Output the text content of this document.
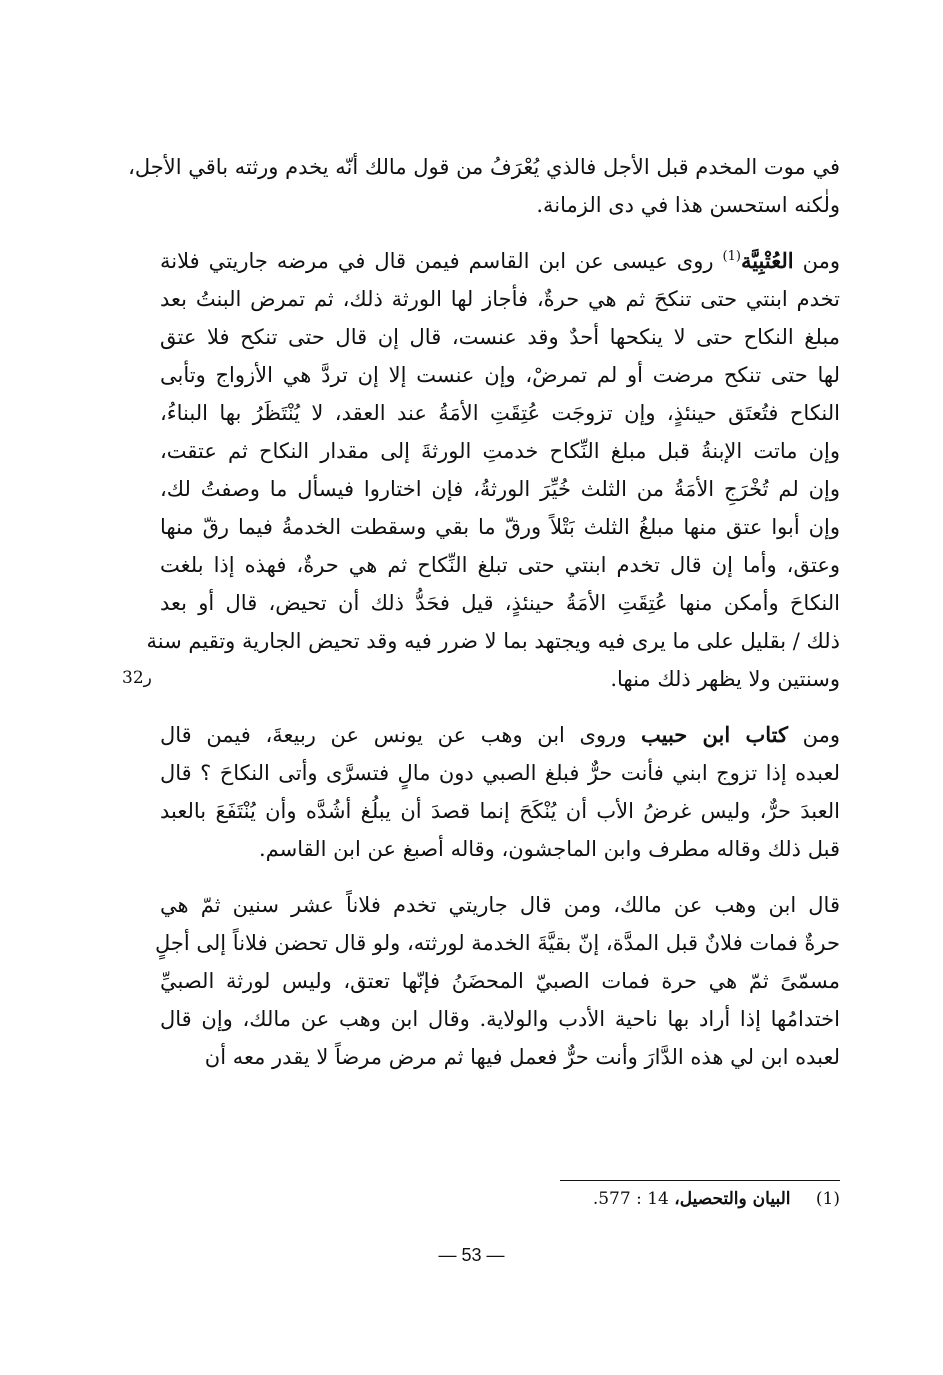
في موت المخدم قبل الأجل فالذي يُعْرَفُ من قول مالك أنّه يخدم ورثته باقي الأجل،

ولٰكنه استحسن هذا في دى الزمانة.

ومن العُتْبِيَّة$^{(1)}$ روى عيسى عن ابن القاسم فيمن قال في مرضه جاريتي فلانة

تخدم ابنتي حتى تنكحَ ثم هي حرةٌ، فأجاز لها الورثة ذلك، ثم تمرض البنتُ بعد

مبلغ النكاح حتى لا ينكحها أحدٌ وقد عنست، قال إن قال حتى تنكح فلا عتق

لها حتى تنكح مرضت أو لم تمرضْ، وإن عنست إلا إن تردَّ هي الأزواج وتأبى

النكاح فتُعتَق حينئذٍ، وإن تزوجَت عُتِقَتِ الأمَةُ عند العقد، لا يُنْتَظَرُ بها البناءُ،

وإن ماتت الإبنةُ قبل مبلغ النِّكاح خدمتِ الورثةَ إلى مقدار النكاح ثم عتقت،

وإن لم تُخْرَجِ الأمَةُ من الثلث خُيِّرَ الورثةُ، فإن اختاروا فيسأل ما وصفتُ لك،

وإن أبوا عتق منها مبلغُ الثلث بَتْلاً ورقّ ما بقي وسقطت الخدمةُ فيما رقّ منها

وعتق، وأما إن قال تخدم ابنتي حتى تبلغ النِّكاح ثم هي حرةٌ، فهذه إذا بلغت

النكاحَ وأمكن منها عُتِقَتِ الأمَةُ حينئذٍ، قيل فحَدُّ ذلك أن تحيض، قال أو بعد

ذلك / بقليل على ما يرى فيه ويجتهد بما لا ضرر فيه وقد تحيض الجارية وتقيم سنة

وسنتين ولا يظهر ذلك منها.

ومن كتاب ابن حبيب وروى ابن وهب عن يونس عن ربيعةَ، فيمن قال

لعبده إذا تزوج ابني فأنت حرٌّ فبلغ الصبي دون مالٍ فتسرَّى وأتى النكاحَ ؟ قال

العبدَ حرٌّ، وليس غرضُ الأب أن يُنْكَحَ إنما قصدَ أن يبلُغ أشُدَّه وأن يُنْتَفَعَ بالعبد

قبل ذلك وقاله مطرف وابن الماجشون، وقاله أصبغ عن ابن القاسم.

قال ابن وهب عن مالك، ومن قال جاريتي تخدم فلاناً عشر سنين ثمّ هي

حرةٌ فمات فلانٌ قبل المدَّة، إنّ بقيَّةَ الخدمة لورثته، ولو قال تحضن فلاناً إلى أجلٍ

مسمّىً ثمّ هي حرة فمات الصبيّ المحضَنُ فإنّها تعتق، وليس لورثة الصبيِّ

اختدامُها إذا أراد بها ناحية الأدب والولاية. وقال ابن وهب عن مالك، وإن قال

لعبده ابن لي هذه الدَّارَ وأنت حرٌّ فعمل فيها ثم مرض مرضاً لا يقدر معه أن

32ر
(1) البيان والتحصيل، 14 : 577.
— 53 —
